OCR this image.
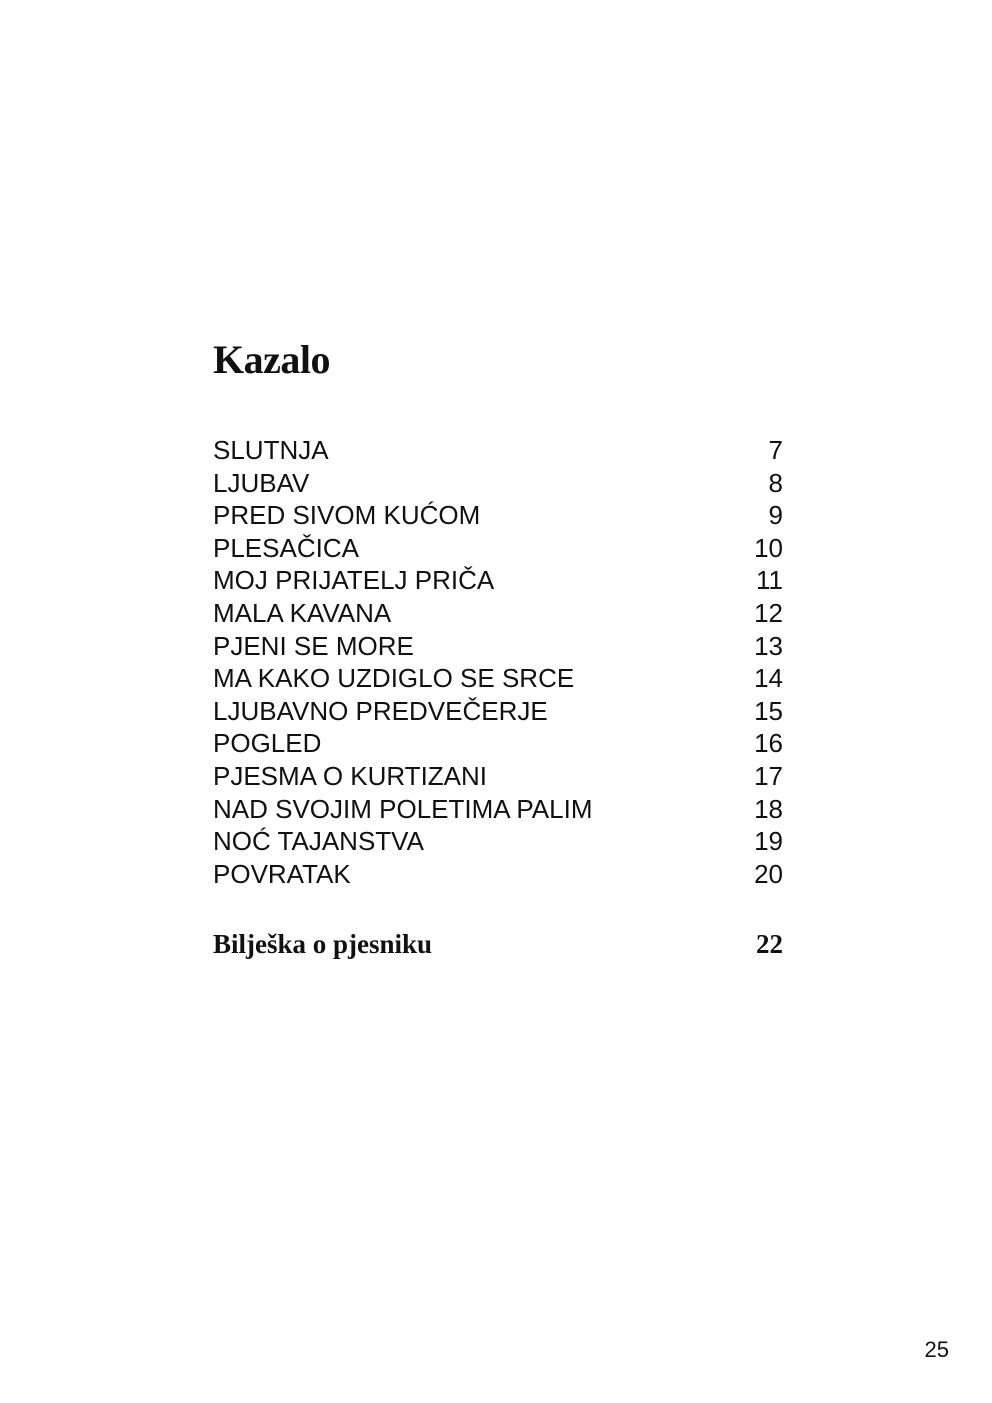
Kazalo
SLUTNJA	7
LJUBAV	8
PRED SIVOM KUĆOM	9
PLESAČICA	10
MOJ PRIJATELJ PRIČA	11
MALA KAVANA	12
PJENI SE MORE	13
MA KAKO UZDIGLO SE SRCE	14
LJUBAVNO PREDVEČERJE	15
POGLED	16
PJESMA O KURTIZANI	17
NAD SVOJIM POLETIMA PALIM	18
NOĆ TAJANSTVA	19
POVRATAK	20
Bilješka o pjesniku	22
25
